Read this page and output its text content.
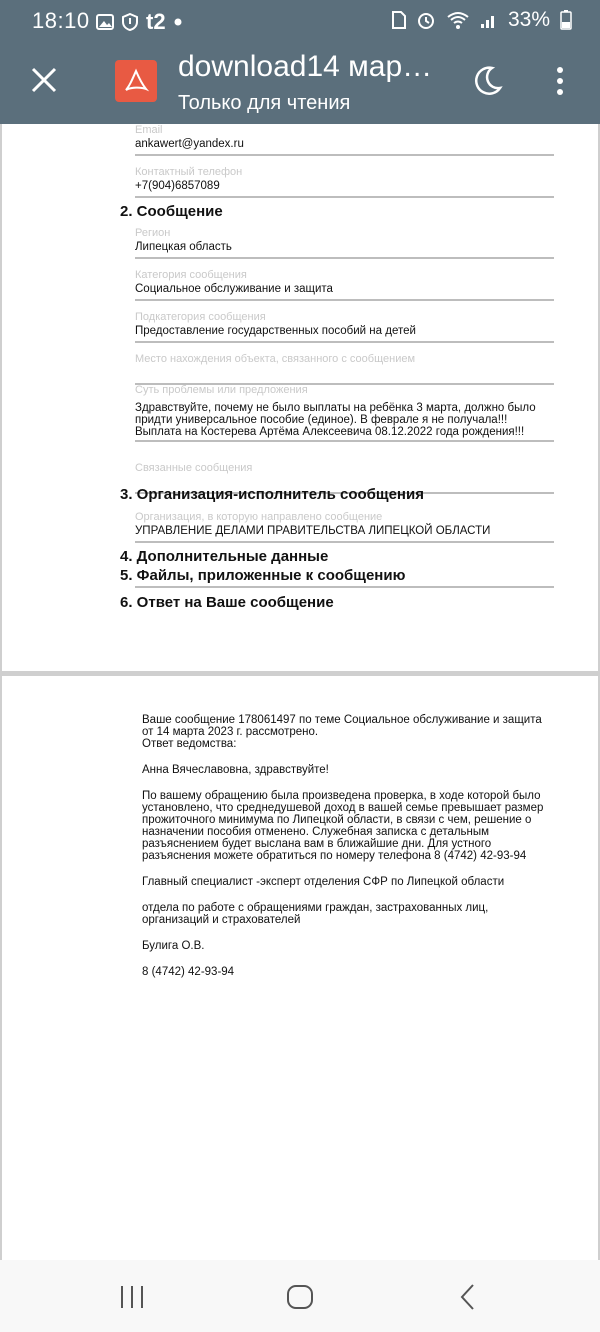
18:10	t2	33%
download14 мар…
Только для чтения
Email
ankawert@yandex.ru
Контактный телефон
+7(904)6857089
2. Сообщение
Регион
Липецкая область
Категория сообщения
Социальное обслуживание и защита
Подкатегория сообщения
Предоставление государственных пособий на детей
Место нахождения объекта, связанного с сообщением
Суть проблемы или предложения
Здравствуйте, почему не было выплаты на ребёнка 3 марта, должно было придти универсальное пособие (единое). В феврале я не получала!!! Выплата на Костерева Артёма Алексеевича 08.12.2022 года рождения!!!
Связанные сообщения
3. Организация-исполнитель сообщения
Организация, в которую направлено сообщение
УПРАВЛЕНИЕ ДЕЛАМИ ПРАВИТЕЛЬСТВА ЛИПЕЦКОЙ ОБЛАСТИ
4. Дополнительные данные
5. Файлы, приложенные к сообщению
6. Ответ на Ваше сообщение

Ваше сообщение 178061497 по теме Социальное обслуживание и защита от 14 марта 2023 г. рассмотрено.

Ответ ведомства:

Анна Вячеславовна, здравствуйте!

По вашему обращению была произведена проверка, в ходе которой было установлено, что среднедушевой доход в вашей семье превышает размер прожиточного минимума по Липецкой области, в связи с чем, решение о назначении пособия отменено. Служебная записка с детальным разъяснением будет выслана вам в ближайшие дни. Для устного разъяснения можете обратиться по номеру телефона 8 (4742) 42-93-94

Главный специалист -эксперт отделения СФР по Липецкой области

отдела по работе с обращениями граждан, застрахованных лиц, организаций и страхователей

Булига О.В.

8 (4742) 42-93-94
